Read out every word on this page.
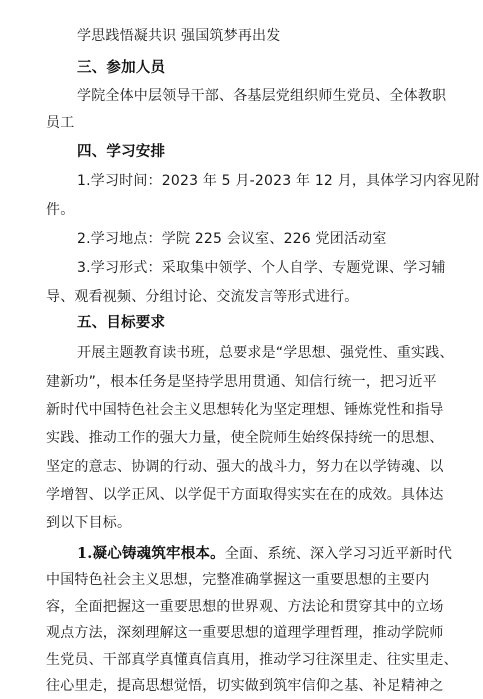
学思践悟凝共识 强国筑梦再出发
三、参加人员
学院全体中层领导干部、各基层党组织师生党员、全体教职
员工
四、学习安排
1.学习时间：2023 年 5 月-2023 年 12 月，具体学习内容见附
件。
2.学习地点：学院 225 会议室、226 党团活动室
3.学习形式：采取集中领学、个人自学、专题党课、学习辅
导、观看视频、分组讨论、交流发言等形式进行。
五、目标要求
开展主题教育读书班，总要求是“学思想、强党性、重实践、
建新功”，根本任务是坚持学思用贯通、知信行统一，把习近平
新时代中国特色社会主义思想转化为坚定理想、锤炼党性和指导
实践、推动工作的强大力量，使全院师生始终保持统一的思想、
坚定的意志、协调的行动、强大的战斗力，努力在以学铸魂、以
学增智、以学正风、以学促干方面取得实实在在的成效。具体达
到以下目标。
1.凝心铸魂筑牢根本。全面、系统、深入学习习近平新时代
中国特色社会主义思想，完整准确掌握这一重要思想的主要内
容，全面把握这一重要思想的世界观、方法论和贯穿其中的立场
观点方法，深刻理解这一重要思想的道理学理哲理，推动学院师
生党员、干部真学真懂真信真用，推动学习往深里走、往实里走、
往心里走，提高思想觉悟，切实做到筑牢信仰之基、补足精神之
